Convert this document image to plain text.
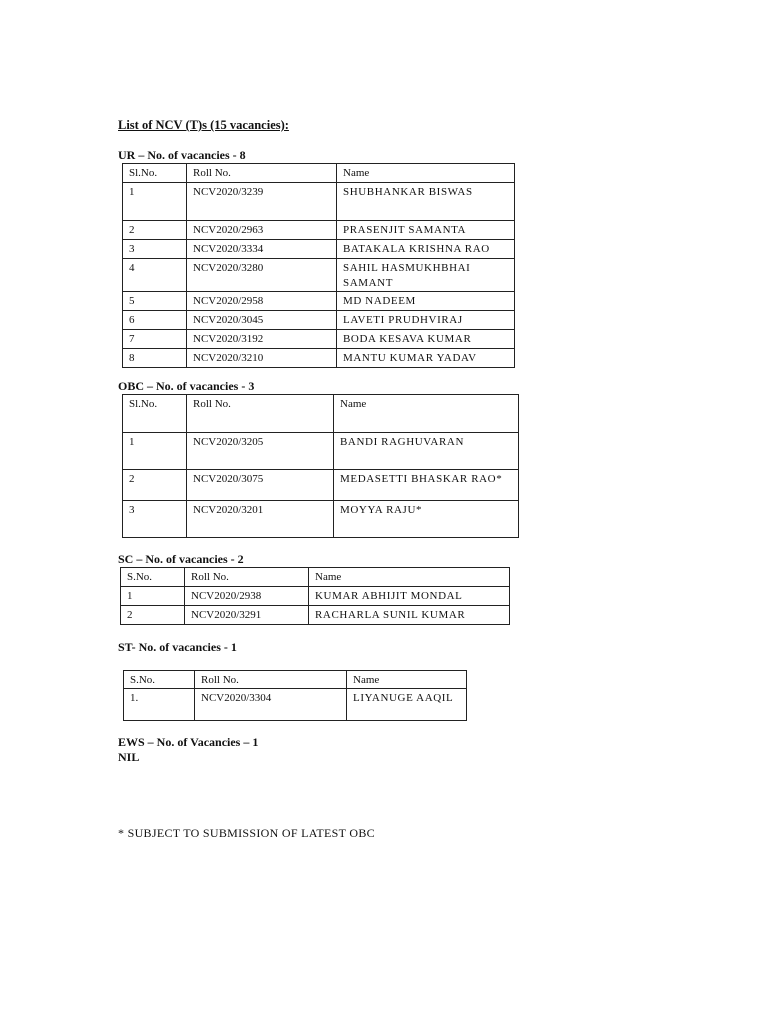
List of NCV (T)s (15 vacancies):
UR – No. of vacancies - 8
Sl.No.	Roll No.	Name
1	NCV2020/3239	SHUBHANKAR BISWAS
2	NCV2020/2963	PRASENJIT SAMANTA
3	NCV2020/3334	BATAKALA KRISHNA RAO
4	NCV2020/3280	SAHIL HASMUKHBHAI SAMANT
5	NCV2020/2958	MD NADEEM
6	NCV2020/3045	LAVETI PRUDHVIRAJ
7	NCV2020/3192	BODA KESAVA KUMAR
8	NCV2020/3210	MANTU KUMAR YADAV
OBC – No. of vacancies - 3
Sl.No.	Roll No.	Name
1	NCV2020/3205	BANDI RAGHUVARAN
2	NCV2020/3075	MEDASETTI BHASKAR RAO*
3	NCV2020/3201	MOYYA RAJU*
SC – No. of vacancies - 2
S.No.	Roll No.	Name
1	NCV2020/2938	KUMAR ABHIJIT MONDAL
2	NCV2020/3291	RACHARLA SUNIL KUMAR
ST- No. of vacancies - 1
S.No.	Roll No.	Name
1.	NCV2020/3304	LIYANUGE AAQIL
EWS – No. of Vacancies – 1
NIL
* SUBJECT TO SUBMISSION OF LATEST OBC
